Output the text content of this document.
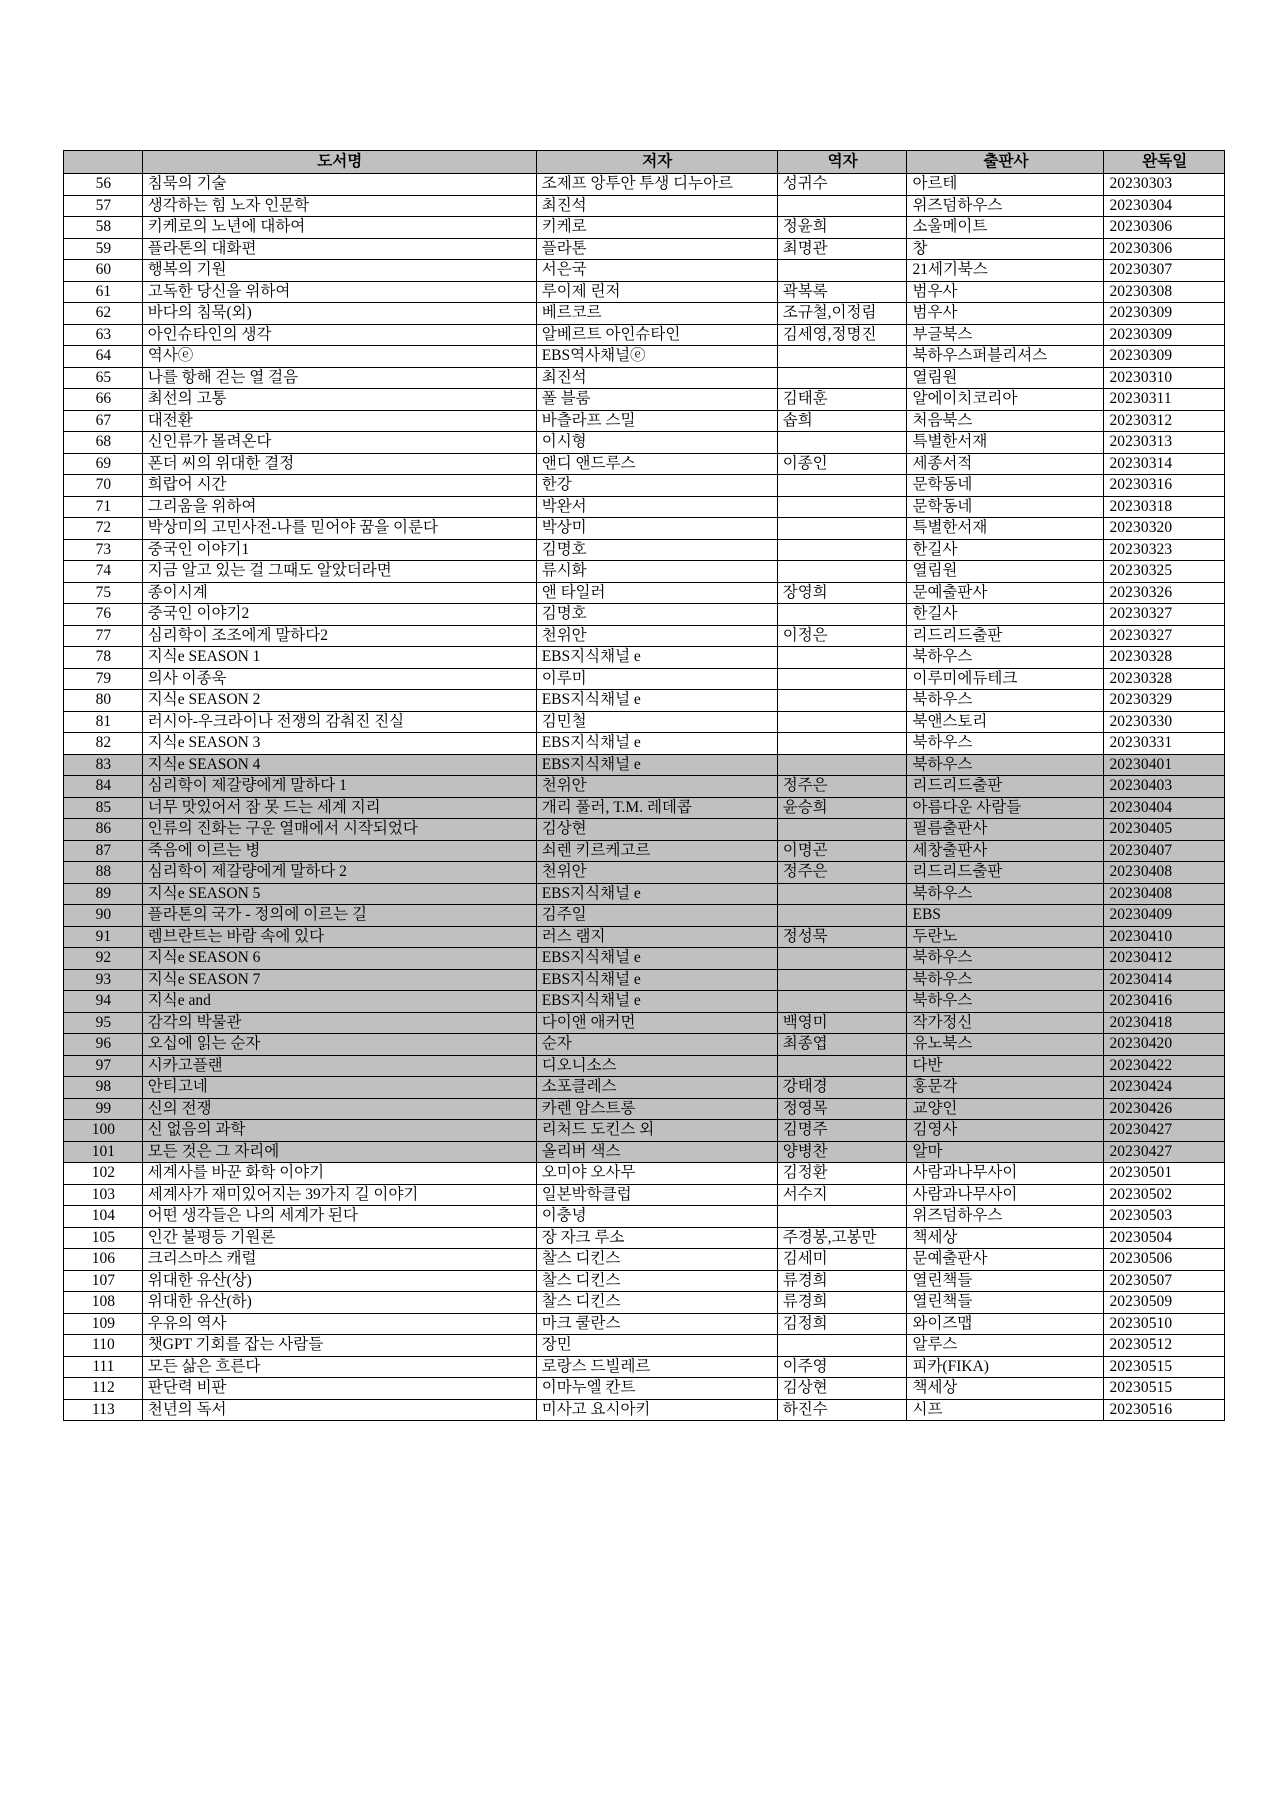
	도서명	저자	역자	출판사	완독일
56	침묵의 기술	조제프 앙투안 투생 디누아르	성귀수	아르테	20230303
57	생각하는 힘 노자 인문학	최진석		위즈덤하우스	20230304
58	키케로의 노년에 대하여	키케로	정윤희	소울메이트	20230306
59	플라톤의 대화편	플라톤	최명관	창	20230306
60	행복의 기원	서은국		21세기북스	20230307
61	고독한 당신을 위하여	루이제 린저	곽복록	범우사	20230308
62	바다의 침묵(외)	베르코르	조규철,이정림	범우사	20230309
63	아인슈타인의 생각	알베르트 아인슈타인	김세영,정명진	부글북스	20230309
64	역사ⓔ	EBS역사채널ⓔ		북하우스퍼블리셔스	20230309
65	나를 항해 걷는 열 걸음	최진석		열림원	20230310
66	최선의 고통	폴 블룸	김태훈	알에이치코리아	20230311
67	대전환	바츨라프 스밀	솝희	처음북스	20230312
68	신인류가 몰려온다	이시형		특별한서재	20230313
69	폰더 씨의 위대한 결정	앤디 앤드루스	이종인	세종서적	20230314
70	희랍어 시간	한강		문학동네	20230316
71	그리움을 위하여	박완서		문학동네	20230318
72	박상미의 고민사전-나를 믿어야 꿈을 이룬다	박상미		특별한서재	20230320
73	중국인 이야기1	김명호		한길사	20230323
74	지금 알고 있는 걸 그때도 알았더라면	류시화		열림원	20230325
75	종이시계	앤 타일러	장영희	문예출판사	20230326
76	중국인 이야기2	김명호		한길사	20230327
77	심리학이 조조에게 말하다2	천위안	이정은	리드리드출판	20230327
78	지식e SEASON 1	EBS지식채널 e		북하우스	20230328
79	의사 이종욱	이루미		이루미에듀테크	20230328
80	지식e SEASON 2	EBS지식채널 e		북하우스	20230329
81	러시아-우크라이나 전쟁의 감춰진 진실	김민철		북앤스토리	20230330
82	지식e SEASON 3	EBS지식채널 e		북하우스	20230331
83	지식e SEASON 4	EBS지식채널 e		북하우스	20230401
84	심리학이 제갈량에게 말하다 1	천위안	정주은	리드리드출판	20230403
85	너무 맛있어서 잠 못 드는 세계 지리	개리 풀러, T.M. 레데콥	윤승희	아름다운 사람들	20230404
86	인류의 진화는 구운 열매에서 시작되었다	김상현		필름출판사	20230405
87	죽음에 이르는 병	쇠렌 키르케고르	이명곤	세창출판사	20230407
88	심리학이 제갈량에게 말하다 2	천위안	정주은	리드리드출판	20230408
89	지식e SEASON 5	EBS지식채널 e		북하우스	20230408
90	플라톤의 국가 - 정의에 이르는 길	김주일		EBS	20230409
91	렘브란트는 바람 속에 있다	러스 램지	정성묵	두란노	20230410
92	지식e SEASON 6	EBS지식채널 e		북하우스	20230412
93	지식e SEASON 7	EBS지식채널 e		북하우스	20230414
94	지식e and	EBS지식채널 e		북하우스	20230416
95	감각의 박물관	다이앤 애커먼	백영미	작가정신	20230418
96	오십에 읽는 순자	순자	최종엽	유노북스	20230420
97	시카고플랜	디오니소스		다반	20230422
98	안티고네	소포클레스	강태경	홍문각	20230424
99	신의 전쟁	카렌 암스트롱	정영목	교양인	20230426
100	신 없음의 과학	리처드 도킨스 외	김명주	김영사	20230427
101	모든 것은 그 자리에	올리버 색스	양병찬	알마	20230427
102	세계사를 바꾼 화학 이야기	오미야 오사무	김정환	사람과나무사이	20230501
103	세계사가 재미있어지는 39가지 길 이야기	일본박학클럽	서수지	사람과나무사이	20230502
104	어떤 생각들은 나의 세계가 된다	이충녕		위즈덤하우스	20230503
105	인간 불평등 기원론	장 자크 루소	주경봉,고봉만	책세상	20230504
106	크리스마스 캐럴	찰스 디킨스	김세미	문예출판사	20230506
107	위대한 유산(상)	찰스 디킨스	류경희	열린책들	20230507
108	위대한 유산(하)	찰스 디킨스	류경희	열린책들	20230509
109	우유의 역사	마크 쿨란스	김정희	와이즈맵	20230510
110	챗GPT 기회를 잡는 사람들	장민		알루스	20230512
111	모든 삶은 흐른다	로랑스 드빌레르	이주영	피카(FIKA)	20230515
112	판단력 비판	이마누엘 칸트	김상현	책세상	20230515
113	천년의 독서	미사고 요시아키	하진수	시프	20230516
